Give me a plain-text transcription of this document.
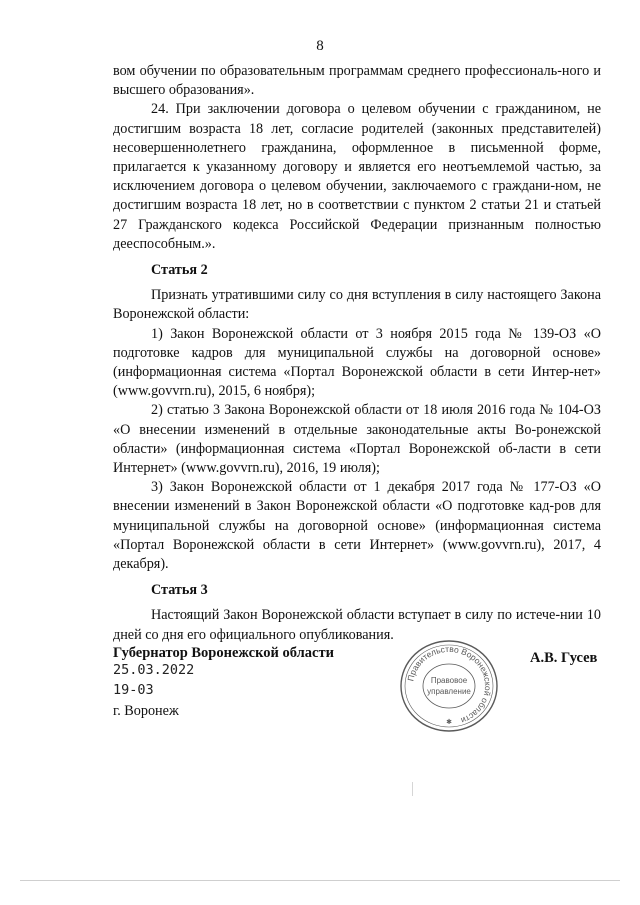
8

вом обучении по образовательным программам среднего профессиональ-ного и высшего образования».

24. При заключении договора о целевом обучении с гражданином, не достигшим возраста 18 лет, согласие родителей (законных представителей) несовершеннолетнего гражданина, оформленное в письменной форме, прилагается к указанному договору и является его неотъемлемой частью, за исключением договора о целевом обучении, заключаемого с граждани-ном, не достигшим возраста 18 лет, но в соответствии с пунктом 2 статьи 21 и статьей 27 Гражданского кодекса Российской Федерации признанным полностью дееспособным.».

Статья 2

Признать утратившими силу со дня вступления в силу настоящего Закона Воронежской области:

1) Закон Воронежской области от 3 ноября 2015 года № 139-ОЗ «О подготовке кадров для муниципальной службы на договорной основе» (информационная система «Портал Воронежской области в сети Интер-нет» (www.govvrn.ru), 2015, 6 ноября);

2) статью 3 Закона Воронежской области от 18 июля 2016 года № 104-ОЗ «О внесении изменений в отдельные законодательные акты Во-ронежской области» (информационная система «Портал Воронежской об-ласти в сети Интернет» (www.govvrn.ru), 2016, 19 июля);

3) Закон Воронежской области от 1 декабря 2017 года № 177-ОЗ «О внесении изменений в Закон Воронежской области «О подготовке кад-ров для муниципальной службы на договорной основе» (информационная система «Портал Воронежской области в сети Интернет» (www.govvrn.ru), 2017, 4 декабря).

Статья 3

Настоящий Закон Воронежской области вступает в силу по истече-нии 10 дней со дня его официального опубликования.

Губернатор Воронежской области
25.03.2022
19-03
г. Воронеж
А.В. Гусев
Правительство Воронежской области
Правовое
управление
✱
